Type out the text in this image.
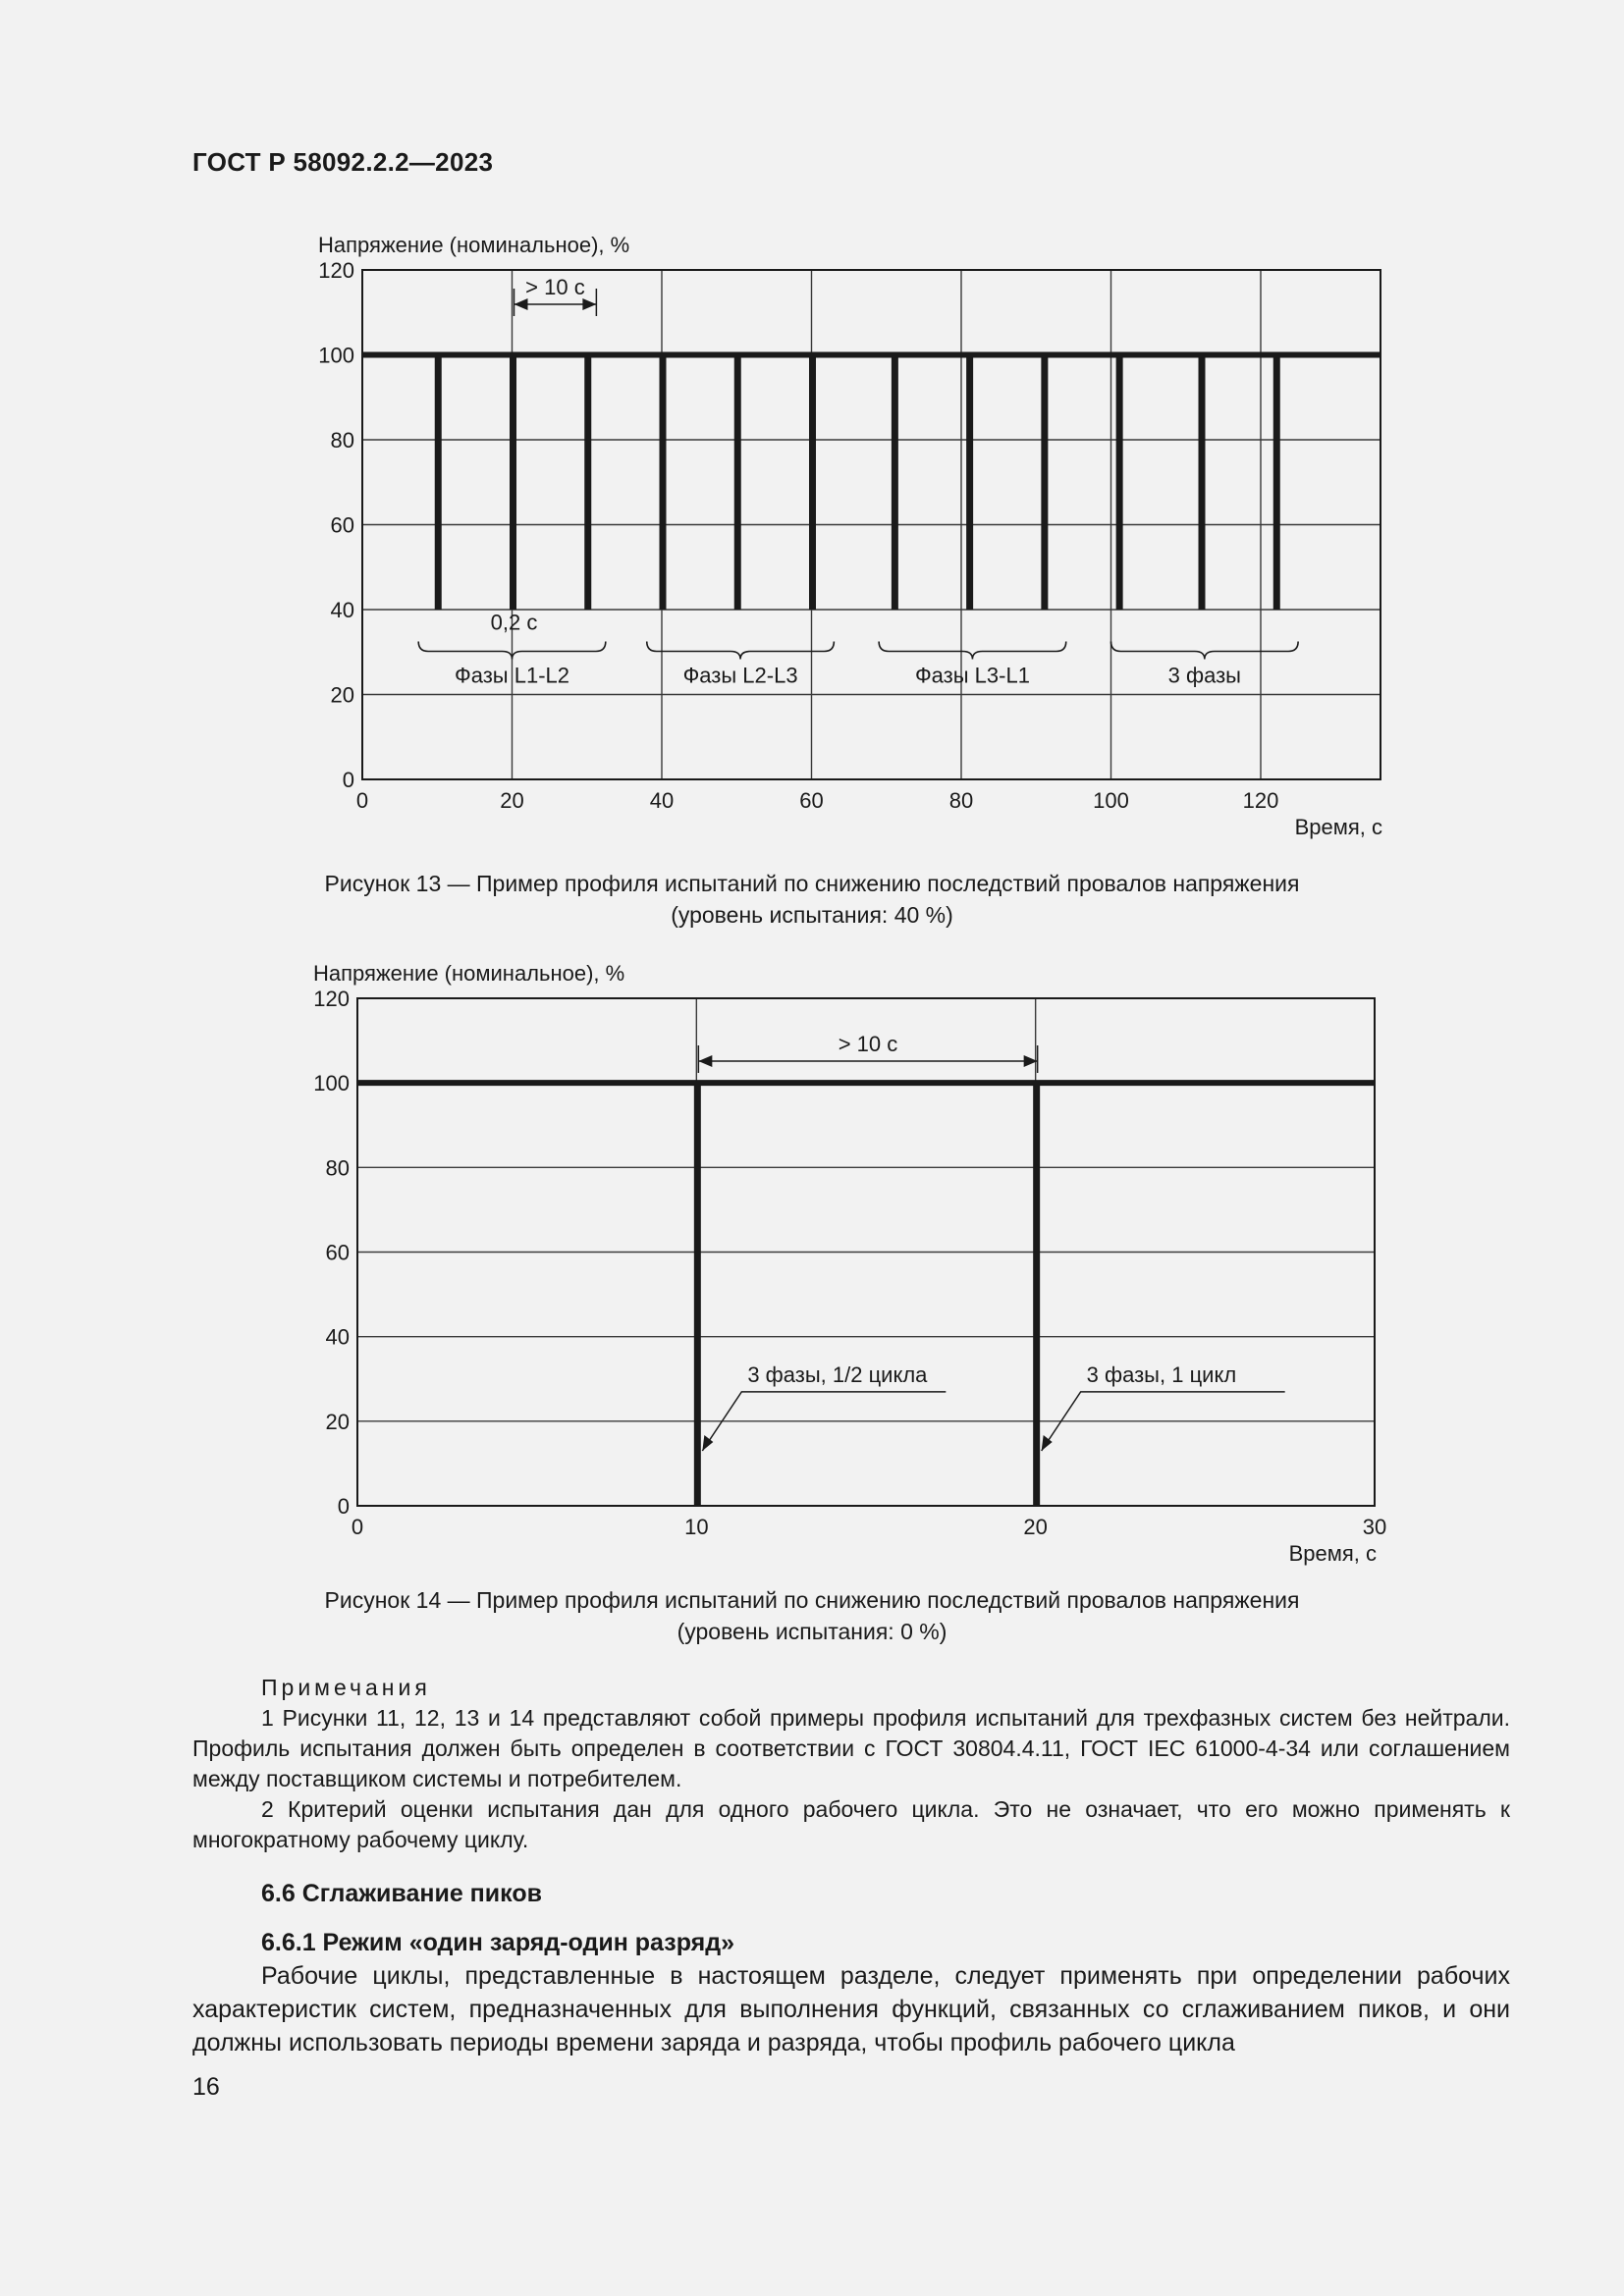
ГОСТ Р 58092.2.2—2023
Напряжение (номинальное), %
0
20
40
60
80
100
120
0	20	40	60	80	100	120
Время, с
> 10 с
Фазы L1-L2	Фазы L2-L3	Фазы L3-L1	3 фазы
0,2 с
Рисунок 13 — Пример профиля испытаний по снижению последствий провалов напряжения
(уровень испытания: 40 %)
Напряжение (номинальное), %
0
20
40
60
80
100
120
0	10	20	30
Время, с
> 10 с
3 фазы, 1/2 цикла	3 фазы, 1 цикл
Рисунок 14 — Пример профиля испытаний по снижению последствий провалов напряжения
(уровень испытания: 0 %)

Примечания

1 Рисунки 11, 12, 13 и 14 представляют собой примеры профиля испытаний для трехфазных систем без нейтрали. Профиль испытания должен быть определен в соответствии с ГОСТ 30804.4.11, ГОСТ IEC 61000-4-34 или соглашением между поставщиком системы и потребителем.

2 Критерий оценки испытания дан для одного рабочего цикла. Это не означает, что его можно применять к многократному рабочему циклу.

6.6 Сглаживание пиков
6.6.1 Режим «один заряд-один разряд»
Рабочие циклы, представленные в настоящем разделе, следует применять при определении рабочих характеристик систем, предназначенных для выполнения функций, связанных со сглаживанием пиков, и они должны использовать периоды времени заряда и разряда, чтобы профиль рабочего цикла
16
